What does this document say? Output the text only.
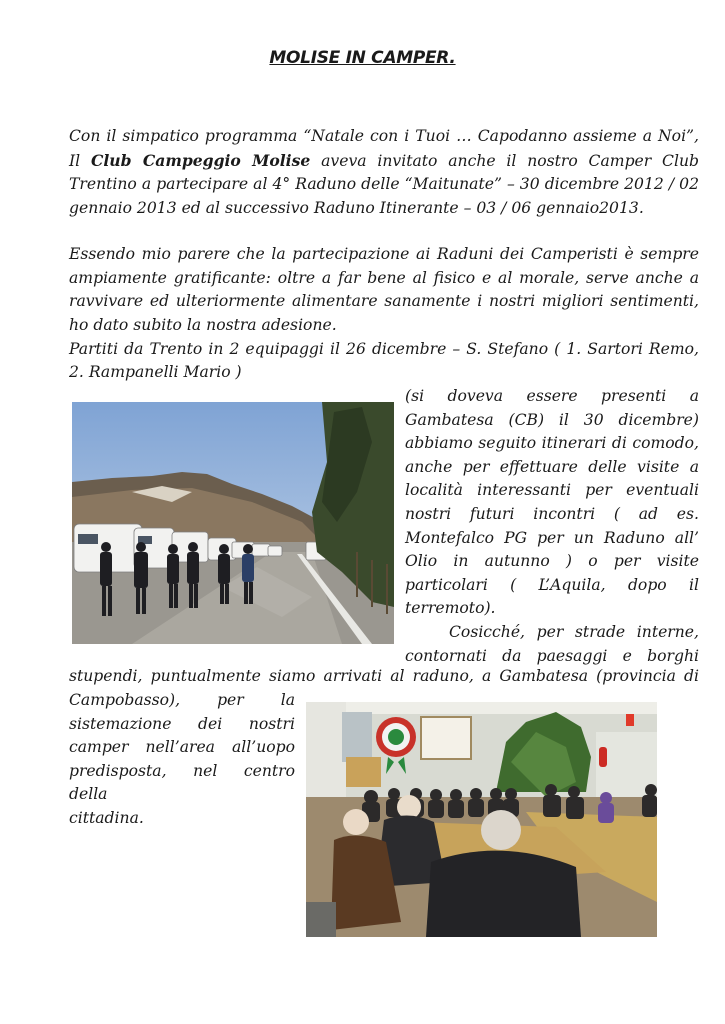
MOLISE IN CAMPER.
Con il simpatico programma “Natale con i Tuoi … Capodanno assieme a Noi”,
Il Club Campeggio Molise aveva invitato anche il nostro Camper Club
Trentino a partecipare al 4° Raduno delle “Maitunate” – 30 dicembre 2012 / 02
gennaio 2013 ed al successivo Raduno Itinerante – 03 / 06 gennaio2013.
Essendo mio parere che la partecipazione ai Raduni dei Camperisti è sempre
ampiamente gratificante: oltre a far bene al fisico e al morale, serve anche a
ravvivare ed ulteriormente alimentare sanamente i nostri migliori sentimenti,
ho dato subito la nostra adesione.
Partiti da Trento in 2 equipaggi il 26 dicembre – S. Stefano ( 1. Sartori Remo,
2. Rampanelli Mario )
(si doveva essere presenti a
Gambatesa (CB) il 30 dicembre)
abbiamo seguito itinerari di comodo,
anche per effettuare delle visite a
località interessanti per eventuali
nostri futuri incontri ( ad es.
Montefalco PG per un Raduno all’
Olio in autunno ) o per visite
particolari ( L’Aquila, dopo il
terremoto).
Cosicché, per strade interne,
contornati da paesaggi e borghi
stupendi, puntualmente siamo arrivati al raduno, a Gambatesa (provincia di
Campobasso), per la
sistemazione dei nostri
camper nell’area all’uopo
predisposta, nel centro della
cittadina.
